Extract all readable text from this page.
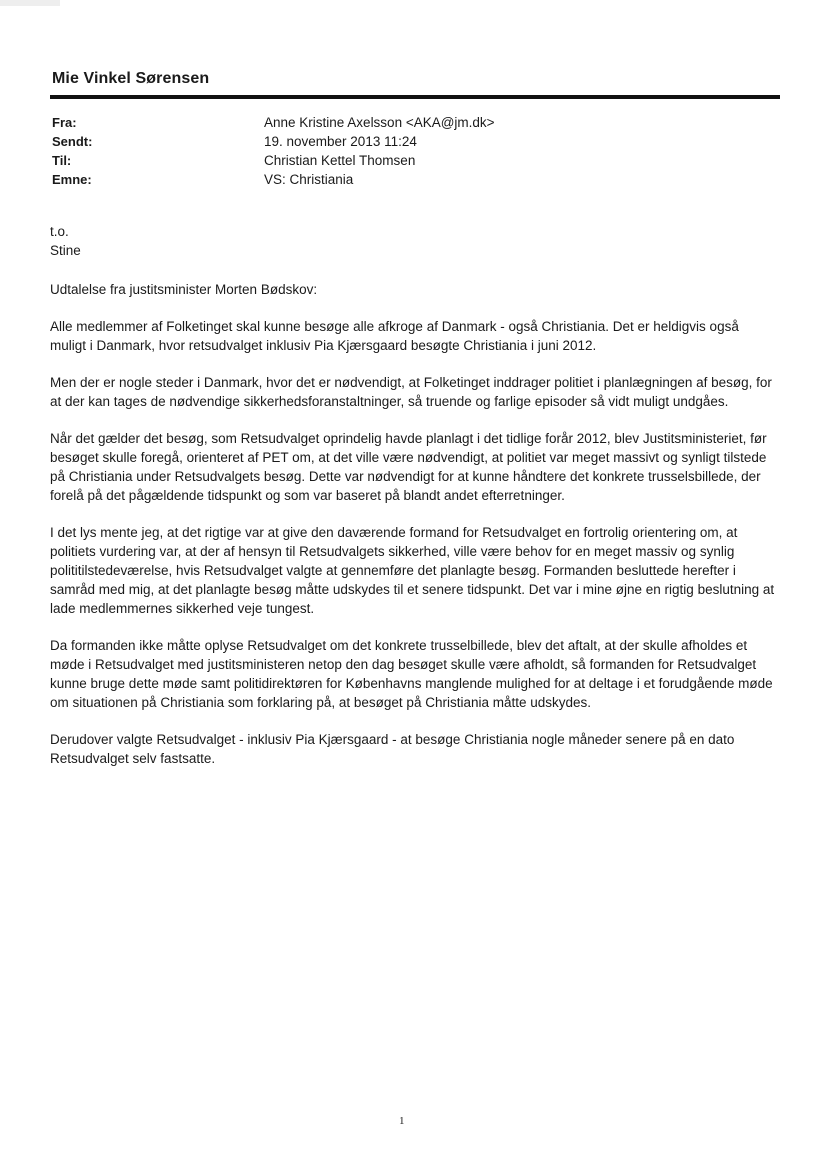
Mie Vinkel Sørensen
Fra:	Anne Kristine Axelsson <AKA@jm.dk>
Sendt:	19. november 2013 11:24
Til:	Christian Kettel Thomsen
Emne:	VS: Christiania

t.o.

Stine

Udtalelse fra justitsminister Morten Bødskov:

Alle medlemmer af Folketinget skal kunne besøge alle afkroge af Danmark - også Christiania. Det er heldigvis også muligt i Danmark, hvor retsudvalget inklusiv Pia Kjærsgaard besøgte Christiania i juni 2012.

Men der er nogle steder i Danmark, hvor det er nødvendigt, at Folketinget inddrager politiet i planlægningen af besøg, for at der kan tages de nødvendige sikkerhedsforanstaltninger, så truende og farlige episoder så vidt muligt undgåes.

Når det gælder det besøg, som Retsudvalget oprindelig havde planlagt i det tidlige forår 2012, blev Justitsministeriet, før besøget skulle foregå, orienteret af PET om, at det ville være nødvendigt, at politiet var meget massivt og synligt tilstede på Christiania under Retsudvalgets besøg. Dette var nødvendigt for at kunne håndtere det konkrete trusselsbillede, der forelå på det pågældende tidspunkt og som var baseret på blandt andet efterretninger.

I det lys mente jeg, at det rigtige var at give den daværende formand for Retsudvalget en fortrolig orientering om, at politiets vurdering var, at der af hensyn til Retsudvalgets sikkerhed, ville være behov for en meget massiv og synlig polititilstedeværelse, hvis Retsudvalget valgte at gennemføre det planlagte besøg. Formanden besluttede herefter i samråd med mig, at det planlagte besøg måtte udskydes til et senere tidspunkt. Det var i mine øjne en rigtig beslutning at lade medlemmernes sikkerhed veje tungest.

Da formanden ikke måtte oplyse Retsudvalget om det konkrete trusselbillede, blev det aftalt, at der skulle afholdes et møde i Retsudvalget med justitsministeren netop den dag besøget skulle være afholdt, så formanden for Retsudvalget kunne bruge dette møde samt politidirektøren for Københavns manglende mulighed for at deltage i et forudgående møde om situationen på Christiania som forklaring på, at besøget på Christiania måtte udskydes.

Derudover valgte Retsudvalget - inklusiv Pia Kjærsgaard - at besøge Christiania nogle måneder senere på en dato Retsudvalget selv fastsatte.

1
